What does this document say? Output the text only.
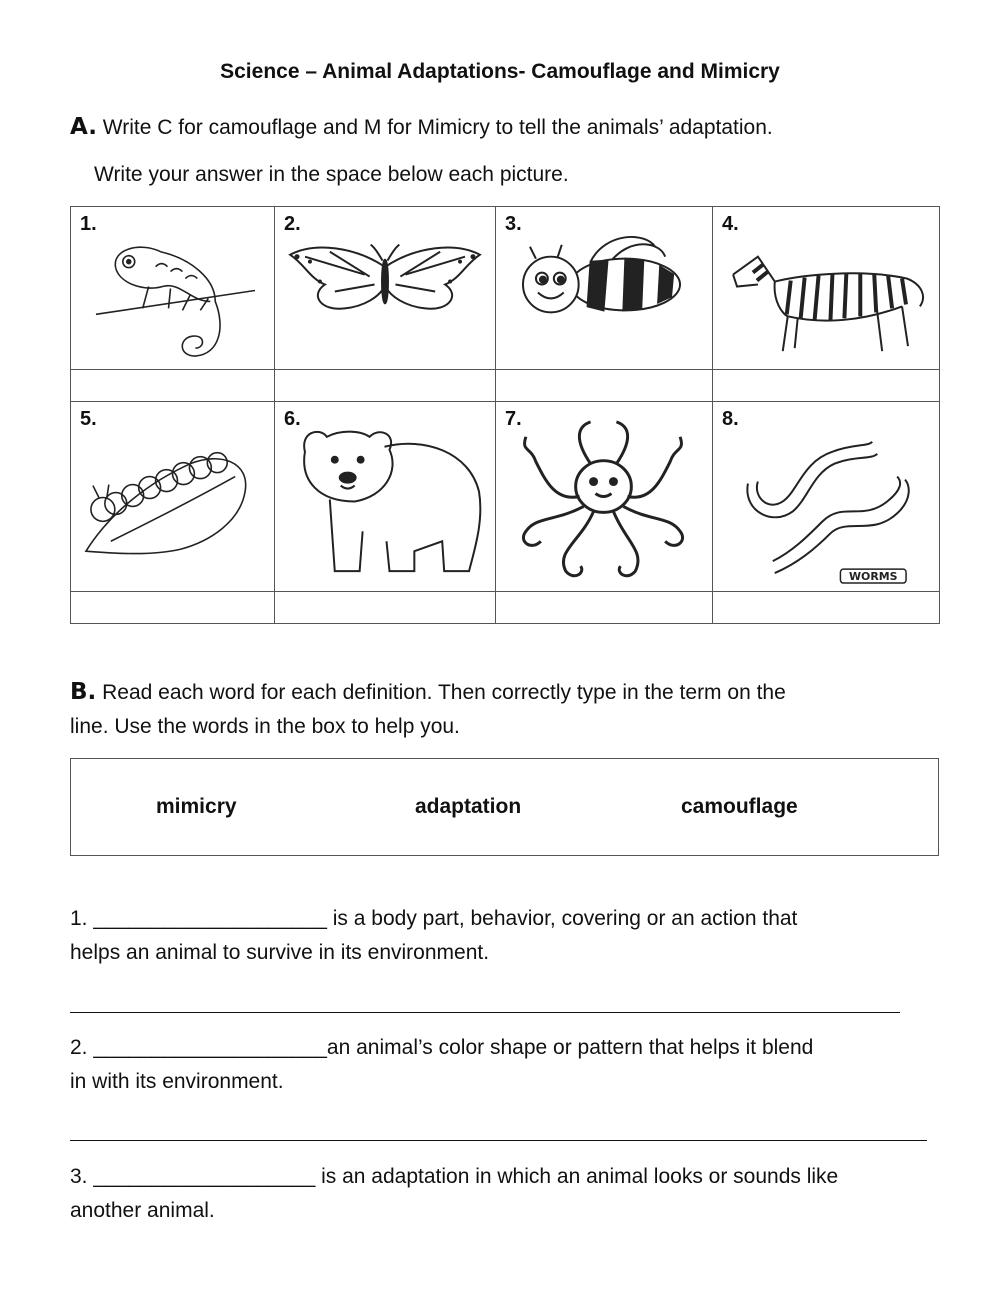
Science – Animal Adaptations- Camouflage and Mimicry
A. Write C for camouflage and M for Mimicry to tell the animals’ adaptation.
Write your answer in the space below each picture.
1.	2.	3.	4.

5.	6.	7.	8.
WORMS

B. Read each word for each definition. Then correctly type in the term on the
line. Use the words in the box to help you.
mimicry	adaptation	camouflage
1. ____________________ is a body part, behavior, covering or an action that
helps an animal to survive in its environment.
2. ____________________an animal’s color shape or pattern that helps it blend
in with its environment.
3. ___________________ is an adaptation in which an animal looks or sounds like
another animal.
